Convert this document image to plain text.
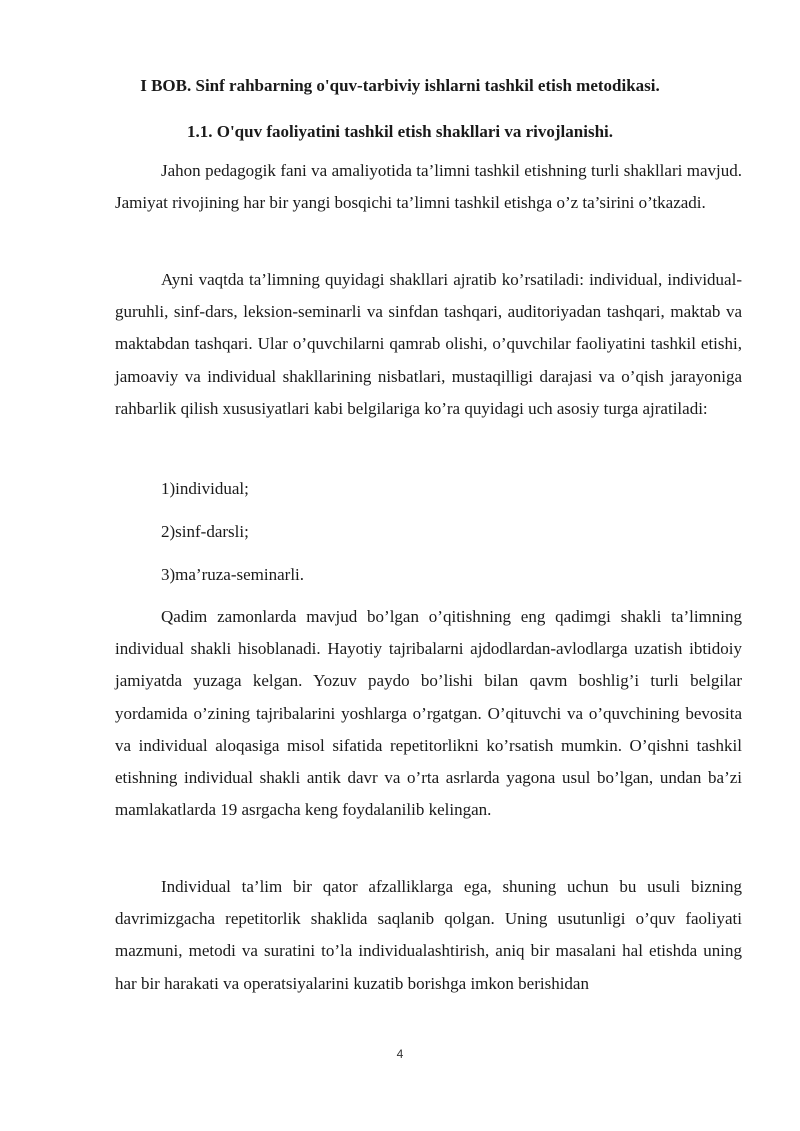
I BOB. Sinf rahbarning o'quv-tarbiviy ishlarni tashkil etish metodikasi.
1.1. O'quv faoliyatini tashkil etish shakllari va rivojlanishi.

Jahon pedagogik fani va amaliyotida ta’limni tashkil etishning turli shakllari mavjud. Jamiyat rivojining har bir yangi bosqichi ta’limni tashkil etishga o’z ta’sirini o’tkazadi.

Ayni vaqtda ta’limning quyidagi shakllari ajratib ko’rsatiladi: individual, individual-guruhli, sinf-dars, leksion-seminarli va sinfdan tashqari, auditoriyadan tashqari, maktab va maktabdan tashqari. Ular o’quvchilarni qamrab olishi, o’quvchilar faoliyatini tashkil etishi, jamoaviy va individual shakllarining nisbatlari, mustaqilligi darajasi va o’qish jarayoniga rahbarlik qilish xususiyatlari kabi belgilariga ko’ra quyidagi uch asosiy turga ajratiladi:

1)individual;
2)sinf-darsli;
3)ma’ruza-seminarli.

Qadim zamonlarda mavjud bo’lgan o’qitishning eng qadimgi shakli ta’limning individual shakli hisoblanadi. Hayotiy tajribalarni ajdodlardan-avlodlarga uzatish ibtidoiy jamiyatda yuzaga kelgan. Yozuv paydo bo’lishi bilan qavm boshlig’i turli belgilar yordamida o’zining tajribalarini yoshlarga o’rgatgan. O’qituvchi va o’quvchining bevosita va individual aloqasiga misol sifatida repetitorlikni ko’rsatish mumkin. O’qishni tashkil etishning individual shakli antik davr va o’rta asrlarda yagona usul bo’lgan, undan ba’zi mamlakatlarda 19 asrgacha keng foydalanilib kelingan.

Individual ta’lim bir qator afzalliklarga ega, shuning uchun bu usuli bizning davrimizgacha repetitorlik shaklida saqlanib qolgan. Uning usutunligi o’quv faoliyati mazmuni, metodi va suratini to’la individualashtirish, aniq bir masalani hal etishda uning har bir harakati va operatsiyalarini kuzatib borishga imkon berishidan

4
